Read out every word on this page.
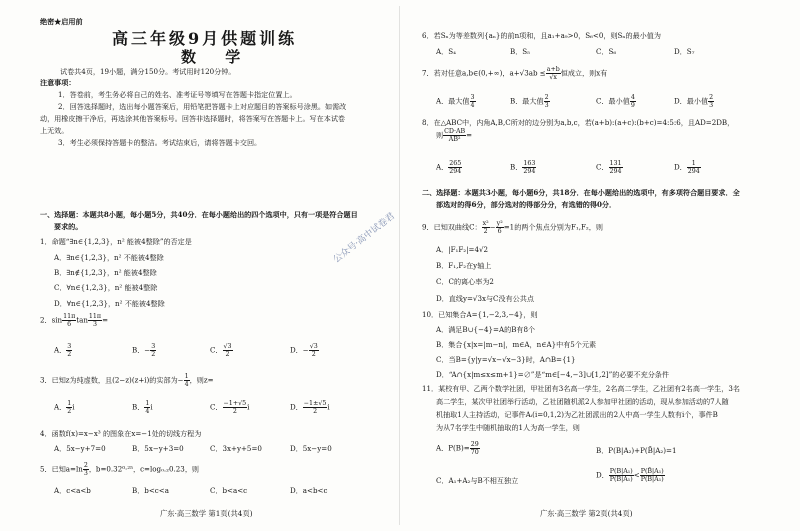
绝密★启用前
高三年级9月供题训练
数 学
试卷共4页，19小题，满分150分。考试用时120分钟。
注意事项：
1．答卷前，考生务必将自己的姓名、准考证号等填写在答题卡指定位置上。
2．回答选择题时，选出每小题答案后，用铅笔把答题卡上对应题目的答案标号涂黑。如需改
动，用橡皮擦干净后，再选涂其他答案标号。回答非选择题时，将答案写在答题卡上。写在本试卷
上无效。
3．考生必须保持答题卡的整洁。考试结束后，请将答题卡交回。
一、选择题：本题共8小题，每小题5分，共40分．在每小题给出的四个选项中，只有一项是符合题目
要求的。
1．命题“∃n∈{1,2,3}，n² 能被4整除”的否定是
A．∃n∈{1,2,3}，n² 不能被4整除
B．∃n∉{1,2,3}，n² 能被4整除
C．∀n∈{1,2,3}，n² 能被4整除
D．∀n∈{1,2,3}，n² 不能被4整除
2．$\sin \frac{11\pi}{6}$ $\tan \frac{11\pi}{3}$ =
A． $\frac{3}{2}$	B．− $\frac{3}{2}$	C． $\frac{√3}{2}$	D．− $\frac{√3}{2}$
3．已知z为纯虚数，且(2−z)(z+i)的实部为− $\frac{1}{4}$ ，则z=
A． $\frac{1}{2}$ i	B． $\frac{1}{4}$ i	C． $\frac{-1+√5}{2}$ i	D． $\frac{-1\pm√5}{2}$ i
4．函数f(x)=x−x³ 的图象在x=−1处的切线方程为
A．5x−y+7=0	B．5x−y+3=0	C．3x+y+5=0	D．5x−y=0
5．已知$a=\ln \frac{2}{3}$ ，b=0.32⁰·²⁵，c=log₀.₂0.23，则
A．c<a<b	B．b<c<a	C．b<a<c	D．a<b<c
广东·高三数学 第1页(共4页)
6．若Sₙ为等差数列{aₙ}的前n项和，且a₁+a₉>0，S₆<0，则Sₙ的最小值为
A．S₄	B．S₅	C．S₆	D．S₇
7．若对任意a,b∈(0,+∞)，$a+√3ab \le \frac{a+b}{√x}$ 恒成立，则x有
A．最大值 $\frac{3}{4}$	B．最大值 $\frac{2}{3}$	C．最小值 $\frac{4}{9}$	D．最小值 $\frac{2}{3}$
8．在△ABC中，内角A,B,C所对的边分别为a,b,c，若(a+b):(a+c):(b+c)=4:5:6，且AD=2DB，
则 $\frac{CD\cdot AB}{\text{AB²}}$ =
A． $\frac{265}{294}$	B． $\frac{163}{294}$	C． $\frac{131}{294}$	D． $\frac{1}{294}$
二、选择题：本题共3小题，每小题6分，共18分．在每小题给出的选项中，有多项符合题目要求．全
部选对的得6分，部分选对的得部分分，有选错的得0分．
9．已知双曲线C： $\frac{\text{x²}}{2} - \frac{\text{y²}}{6} =1$的两个焦点分别为F₁,F₂，则
A．|F₁F₂|=4√2
B．F₁,F₂在y轴上
C．C的离心率为2
D．直线y=√3x与C没有公共点
10．已知集合A={1,−2,3,−4}，则
A．满足B∪{−4}=A的B有8个
B．集合{x|x=|m−n|，m∈A，n∈A}中有5个元素
C．当B={y|y=√x−√x−3}时，A∩B={1}
D．“A∩{x|m≤x≤m+1}=∅”是“m∈[−4,−3]∪[1,2]”的必要不充分条件
11．某校有甲、乙两个数学社团，甲社团有3名高一学生，2名高二学生，乙社团有2名高一学生，3名
高二学生，某次甲社团举行活动，乙社团随机派2人参加甲社团的活动，现从参加活动的7人随
机抽取1人主持活动，记事件Aᵢ(i=0,1,2)为乙社团派出的2人中高一学生人数有i个，事件B
为从7名学生中随机抽取的1人为高一学生，则
A．$P(B)= \frac{29}{70}$	B．P(B|A₂)+P(B̄|A₂)=1
C．A₁+A₂与B不相互独立
D． $\frac{\text{P(B|A₁)}}{\text{P(B|A₁)}} < \frac{\text{P(B̄|A₁)}}{\text{P(B̄|A₁)}}$
广东·高三数学 第2页(共4页)
公众号·高中试卷君
